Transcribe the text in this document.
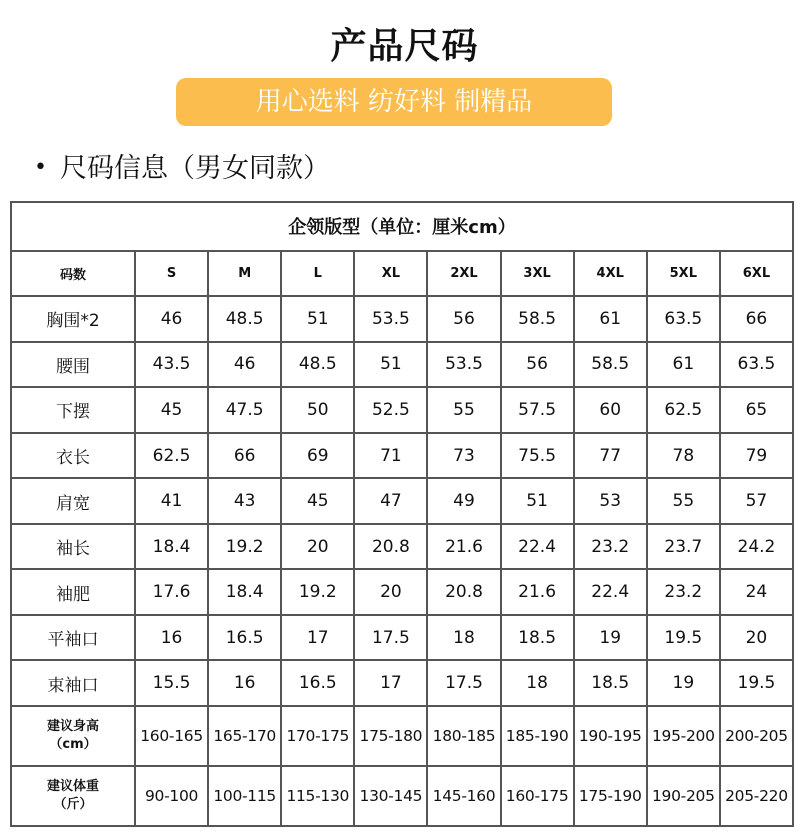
产品尺码
用心选料 纺好料 制精品
• 尺码信息（男女同款）
企领版型（单位：厘米cm）									
码数	S	M	L	XL	2XL	3XL	4XL	5XL	6XL
胸围*2	46	48.5	51	53.5	56	58.5	61	63.5	66
腰围	43.5	46	48.5	51	53.5	56	58.5	61	63.5
下摆	45	47.5	50	52.5	55	57.5	60	62.5	65
衣长	62.5	66	69	71	73	75.5	77	78	79
肩宽	41	43	45	47	49	51	53	55	57
袖长	18.4	19.2	20	20.8	21.6	22.4	23.2	23.7	24.2
袖肥	17.6	18.4	19.2	20	20.8	21.6	22.4	23.2	24
平袖口	16	16.5	17	17.5	18	18.5	19	19.5	20
束袖口	15.5	16	16.5	17	17.5	18	18.5	19	19.5

建议身高
（cm）	160-165	165-170	170-175	175-180	180-185	185-190	190-195	195-200	200-205

建议体重
（斤）	90-100	100-115	115-130	130-145	145-160	160-175	175-190	190-205	205-220
